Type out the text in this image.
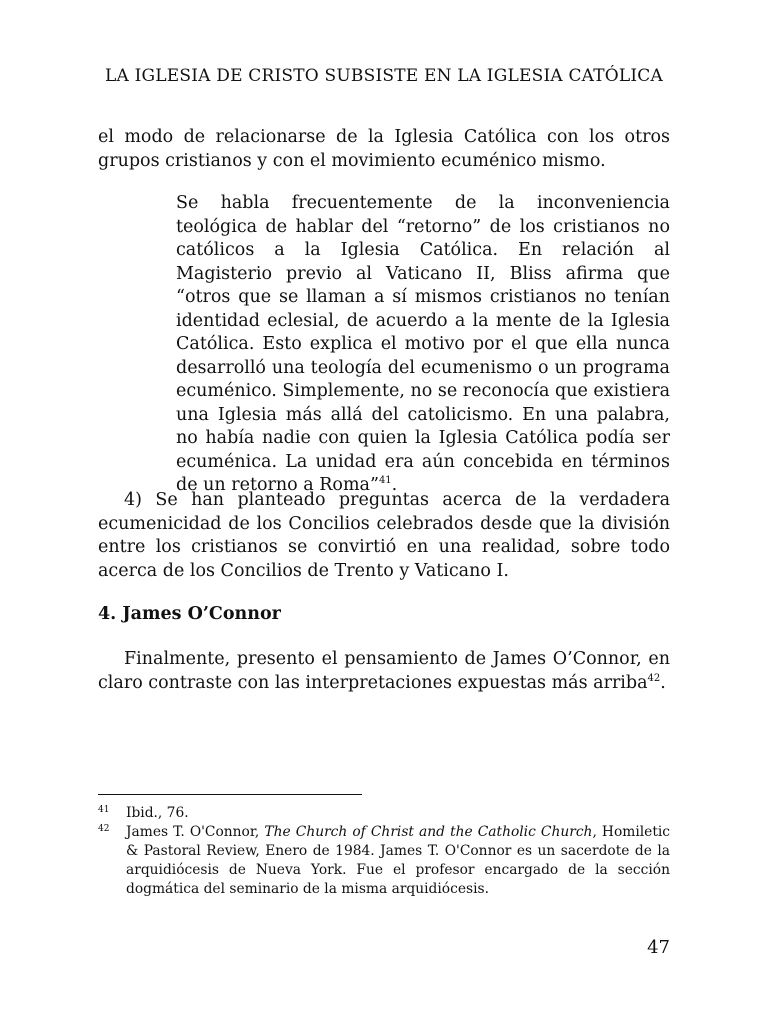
LA IGLESIA DE CRISTO SUBSISTE EN LA IGLESIA CATÓLICA

el modo de relacionarse de la Iglesia Católica con los otros grupos cristianos y con el movimiento ecuménico mismo.

Se habla frecuentemente de la inconveniencia teológica de hablar del “retorno” de los cristianos no católicos a la Iglesia Católica. En relación al Magisterio previo al Vaticano II, Bliss afirma que “otros que se llaman a sí mismos cristianos no tenían identidad eclesial, de acuerdo a la mente de la Iglesia Católica. Esto explica el motivo por el que ella nunca desarrolló una teología del ecumenismo o un programa ecuménico. Simplemente, no se reconocía que existiera una Iglesia más allá del catolicismo. En una palabra, no había nadie con quien la Iglesia Católica podía ser ecuménica. La unidad era aún concebida en términos de un retorno a Roma”$^{41}$.

4) Se han planteado preguntas acerca de la verdadera ecumenicidad de los Concilios celebrados desde que la división entre los cristianos se convirtió en una realidad, sobre todo acerca de los Concilios de Trento y Vaticano I.

4. James O’Connor

Finalmente, presento el pensamiento de James O’Connor, en claro contraste con las interpretaciones expuestas más arriba$^{42}$.

41 Ibid., 76.

42 James T. O'Connor, The Church of Christ and the Catholic Church, Homiletic & Pastoral Review, Enero de 1984. James T. O'Connor es un sacerdote de la arquidiócesis de Nueva York. Fue el profesor encargado de la sección dogmática del seminario de la misma arquidiócesis.

47
